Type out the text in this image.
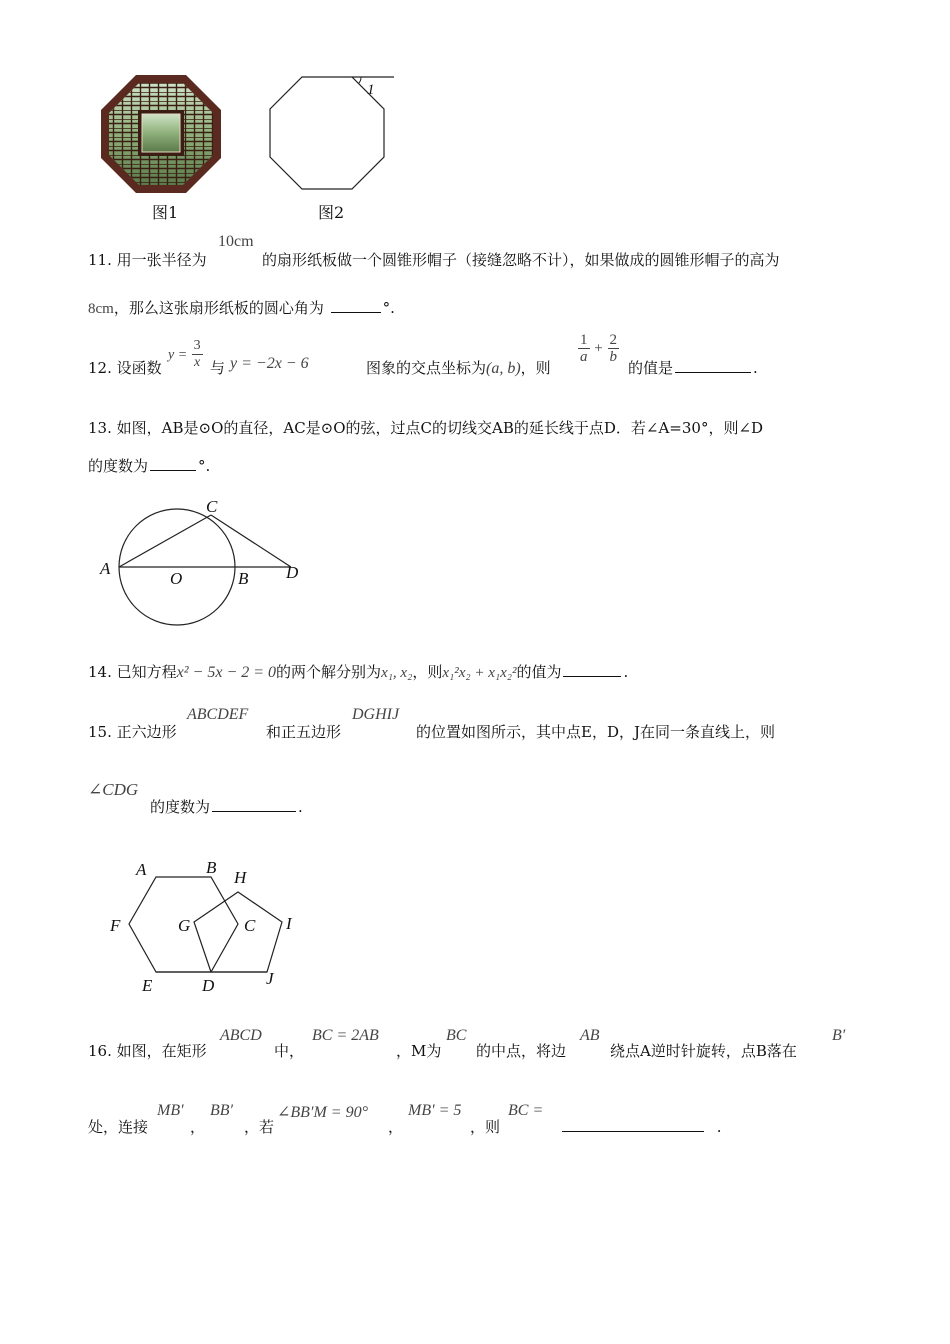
图1
1
图2
11. 用一张半径为
10cm
的扇形纸板做一个圆锥形帽子（接缝忽略不计），如果做成的圆锥形帽子的高为
8cm，那么这张扇形纸板的圆心角为	°.
12. 设函数
$y = \frac{3}{x}$ 与 y = −2x − 6	图象的交点坐标为(a, b)，则
$\frac{1}{a} + \frac{2}{b}$
的值是	.
13. 如图，AB是⊙O的直径，AC是⊙O的弦，过点C的切线交AB的延长线于点D．若∠A=30°，则∠D
的度数为	°.
A
O	B
C
D
14. 已知方程x² − 5x − 2 = 0的两个解分别为x₁, x₂，则x₁²x₂ + x₁x₂²的值为	.
15. 正六边形
ABCDEF
和正五边形
DGHIJ
的位置如图所示，其中点E，D，J在同一条直线上，则
∠CDG
的度数为	.
A	B
H
F	G	C I
E	D	J
16. 如图，在矩形
ABCD
中，
BC = 2AB
，M为
BC
的中点，将边
AB
绕点A逆时针旋转，点B落在
B′
处，连接
MB′
，
BB′
，若
∠BB′M = 90°
，
MB′ = 5
，则
BC =
.
